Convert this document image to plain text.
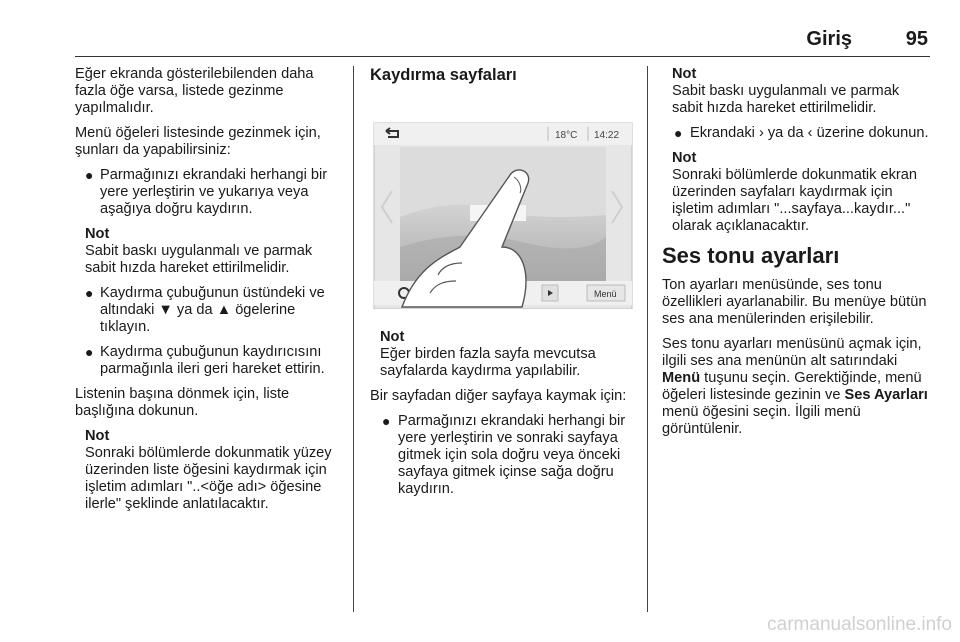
Giriş	95

Eğer ekranda gösterilebilenden daha fazla öğe varsa, listede gezinme yapılmalıdır.

Menü öğeleri listesinde gezinmek için, şunları da yapabilirsiniz:

● Parmağınızı ekrandaki herhangi bir yere yerleştirin ve yukarıya veya aşağıya doğru kaydırın.
Not
Sabit baskı uygulanmalı ve parmak sabit hızda hareket ettirilmelidir.
● Kaydırma çubuğunun üstündeki ve altındaki ▼ ya da ▲ ögelerine tıklayın.
● Kaydırma çubuğunun kaydırıcısını parmağınla ileri geri hareket ettirin.

Listenin başına dönmek için, liste başlığına dokunun.

Not
Sonraki bölümlerde dokunmatik yüzey üzerinden liste öğesini kaydırmak için işletim adımları "..<öğe adı> öğesine ilerle" şeklinde anlatılacaktır.
Kaydırma sayfaları
18°C 14:22
Menü
Not
Eğer birden fazla sayfa mevcutsa sayfalarda kaydırma yapılabilir.

Bir sayfadan diğer sayfaya kaymak için:

● Parmağınızı ekrandaki herhangi bir yere yerleştirin ve sonraki sayfaya gitmek için sola doğru veya önceki sayfaya gitmek içinse sağa doğru kaydırın.
Not
Sabit baskı uygulanmalı ve parmak sabit hızda hareket ettirilmelidir.
● Ekrandaki › ya da ‹ üzerine dokunun.
Not
Sonraki bölümlerde dokunmatik ekran üzerinden sayfaları kaydırmak için işletim adımları "...sayfaya...kaydır..." olarak açıklanacaktır.
Ses tonu ayarları

Ton ayarları menüsünde, ses tonu özellikleri ayarlanabilir. Bu menüye bütün ses ana menülerinden erişilebilir.

Ses tonu ayarları menüsünü açmak için, ilgili ses ana menünün alt satırındaki Menü tuşunu seçin. Gerektiğinde, menü öğeleri listesinde gezinin ve Ses Ayarları menü öğesini seçin. İlgili menü görüntülenir.

carmanualsonline.info
